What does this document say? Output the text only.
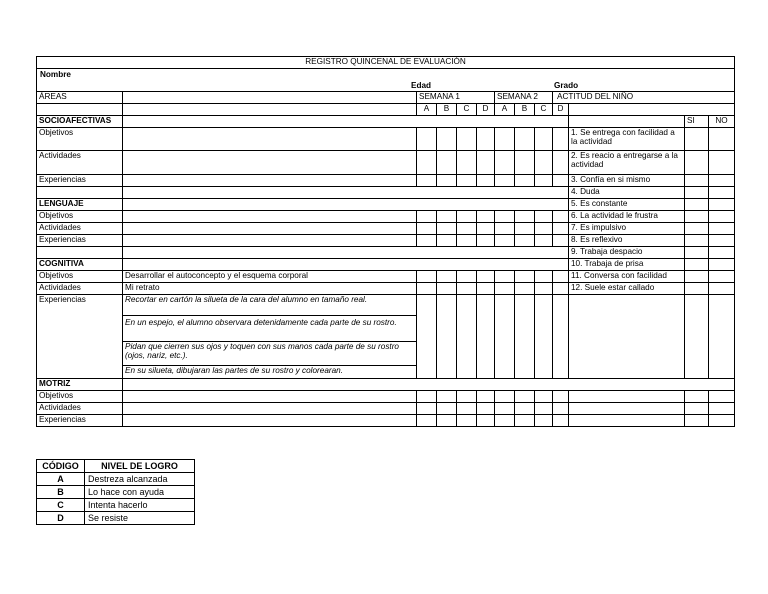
REGISTRO QUINCENAL DE EVALUACIÓN												

Nombre
Edad Grado												

ÁREAS		SEMANA 1				SEMANA 2			ACTITUD DEL NIÑO			
		A	B	C	D	A	B	C	D			
SOCIOAFECTIVAS											SI	NO
Objetivos										1. Se entrega con facilidad a la actividad		
Actividades										2. Es reacio a entregarse a la actividad		
Experiencias										3. Confía en si mismo		
										4. Duda		
LENGUAJE										5. Es constante		
Objetivos										6. La actividad le frustra		
Actividades										7. Es impulsivo		
Experiencias										8. Es reflexivo		
										9. Trabaja despacio		
COGNITIVA										10. Trabaja de prisa		
Objetivos	Desarrollar el autoconcepto y el esquema corporal									11. Conversa con facilidad		
Actividades	Mi retrato									12. Suele estar callado		
Experiencias	Recortar en cartón la silueta de la cara del alumno en tamaño real.											
	En un espejo, el alumno observara detenidamente cada parte de su rostro.											
	Pidan que cierren sus ojos y toquen con sus manos cada parte de su rostro (ojos, nariz, etc.).											
	En su silueta, dibujaran las partes de su rostro y colorearan.											
MOTRIZ												
Objetivos												
Actividades												
Experiencias												
CÓDIGO	NIVEL DE LOGRO
A	Destreza alcanzada
B	Lo hace con ayuda
C	Intenta hacerlo
D	Se resiste
